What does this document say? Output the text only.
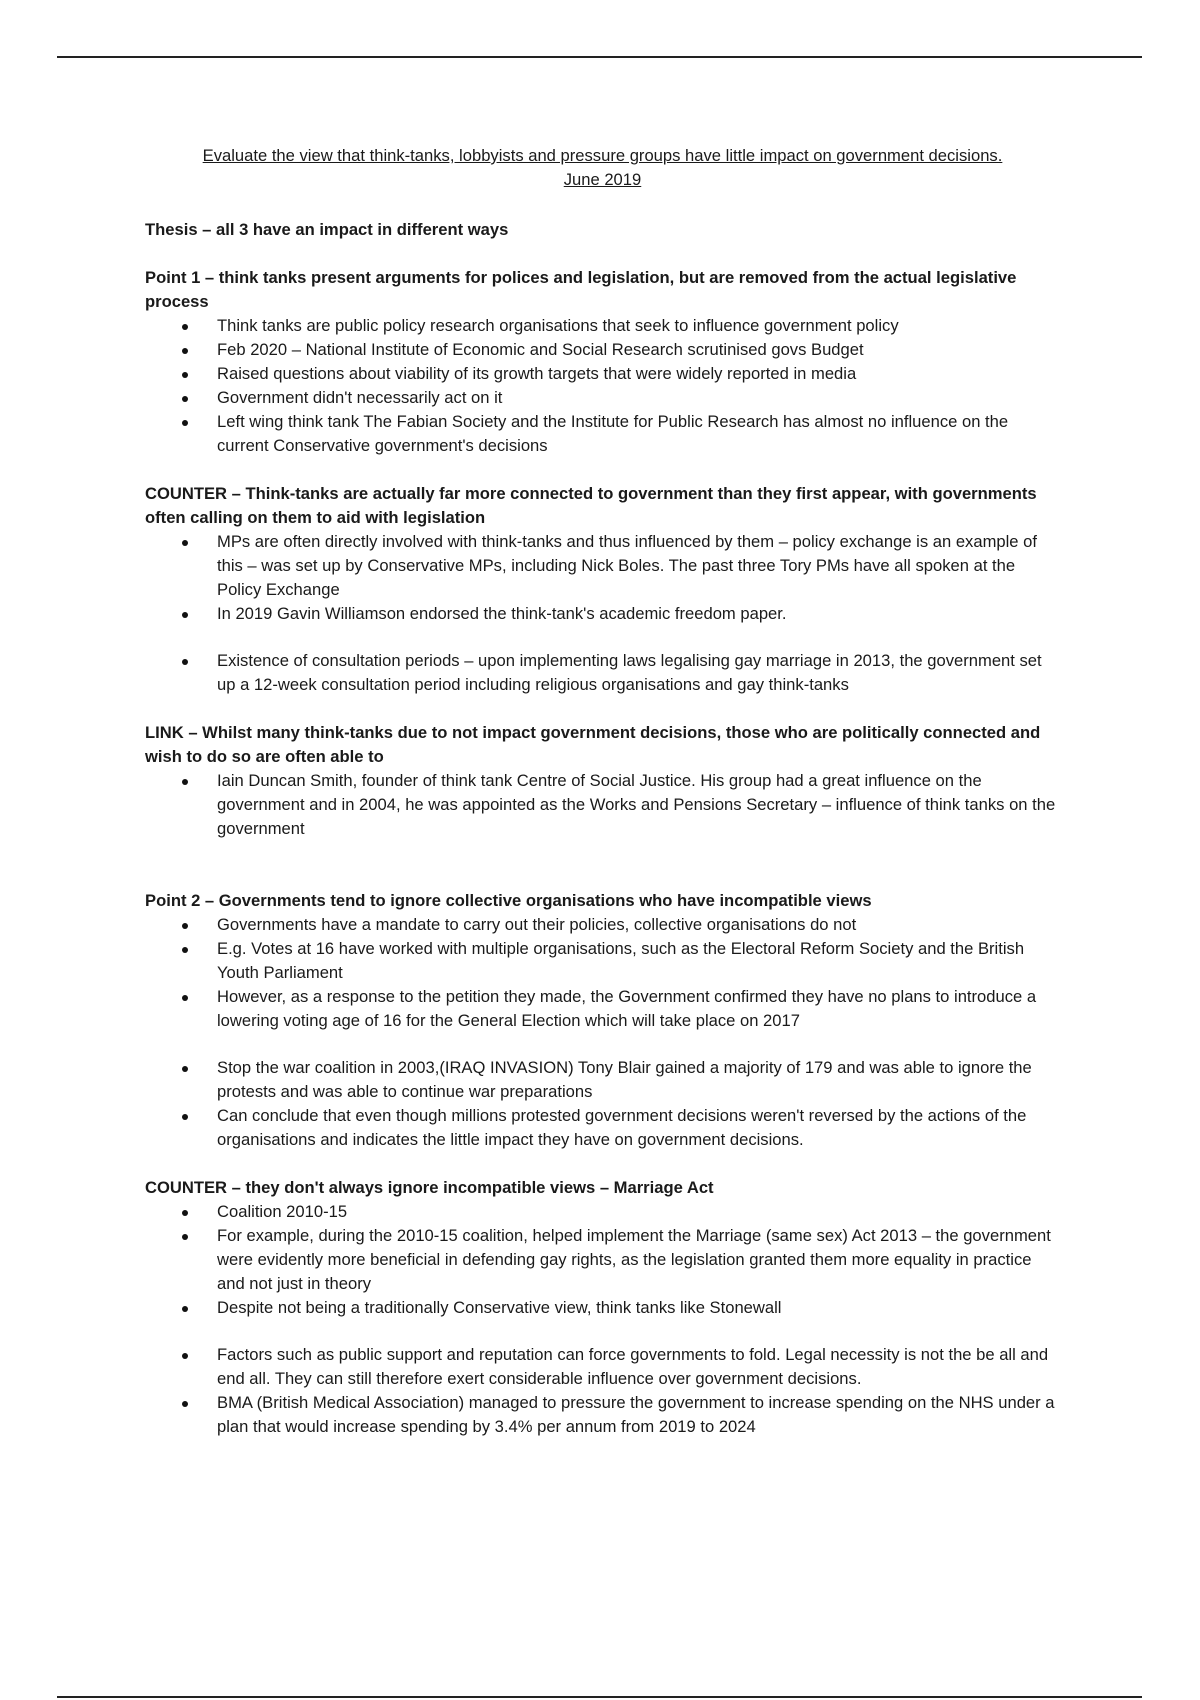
Evaluate the view that think-tanks, lobbyists and pressure groups have little impact on government decisions.

June 2019

Thesis – all 3 have an impact in different ways

Point 1 – think tanks present arguments for polices and legislation, but are removed from the actual legislative process

Think tanks are public policy research organisations that seek to influence government policy
Feb 2020 – National Institute of Economic and Social Research scrutinised govs Budget
Raised questions about viability of its growth targets that were widely reported in media
Government didn't necessarily act on it
Left wing think tank The Fabian Society and the Institute for Public Research has almost no influence on the current Conservative government's decisions

COUNTER – Think-tanks are actually far more connected to government than they first appear, with governments often calling on them to aid with legislation

MPs are often directly involved with think-tanks and thus influenced by them – policy exchange is an example of this – was set up by Conservative MPs, including Nick Boles. The past three Tory PMs have all spoken at the Policy Exchange
In 2019 Gavin Williamson endorsed the think-tank's academic freedom paper.
Existence of consultation periods – upon implementing laws legalising gay marriage in 2013, the government set up a 12-week consultation period including religious organisations and gay think-tanks

LINK – Whilst many think-tanks due to not impact government decisions, those who are politically connected and wish to do so are often able to

Iain Duncan Smith, founder of think tank Centre of Social Justice. His group had a great influence on the government and in 2004, he was appointed as the Works and Pensions Secretary – influence of think tanks on the government

Point 2 – Governments tend to ignore collective organisations who have incompatible views

Governments have a mandate to carry out their policies, collective organisations do not
E.g. Votes at 16 have worked with multiple organisations, such as the Electoral Reform Society and the British Youth Parliament
However, as a response to the petition they made, the Government confirmed they have no plans to introduce a lowering voting age of 16 for the General Election which will take place on 2017
Stop the war coalition in 2003,(IRAQ INVASION) Tony Blair gained a majority of 179 and was able to ignore the protests and was able to continue war preparations
Can conclude that even though millions protested government decisions weren't reversed by the actions of the organisations and indicates the little impact they have on government decisions.

COUNTER – they don't always ignore incompatible views – Marriage Act

Coalition 2010-15
For example, during the 2010-15 coalition, helped implement the Marriage (same sex) Act 2013 – the government were evidently more beneficial in defending gay rights, as the legislation granted them more equality in practice and not just in theory
Despite not being a traditionally Conservative view, think tanks like Stonewall
Factors such as public support and reputation can force governments to fold. Legal necessity is not the be all and end all. They can still therefore exert considerable influence over government decisions.
BMA (British Medical Association) managed to pressure the government to increase spending on the NHS under a plan that would increase spending by 3.4% per annum from 2019 to 2024
